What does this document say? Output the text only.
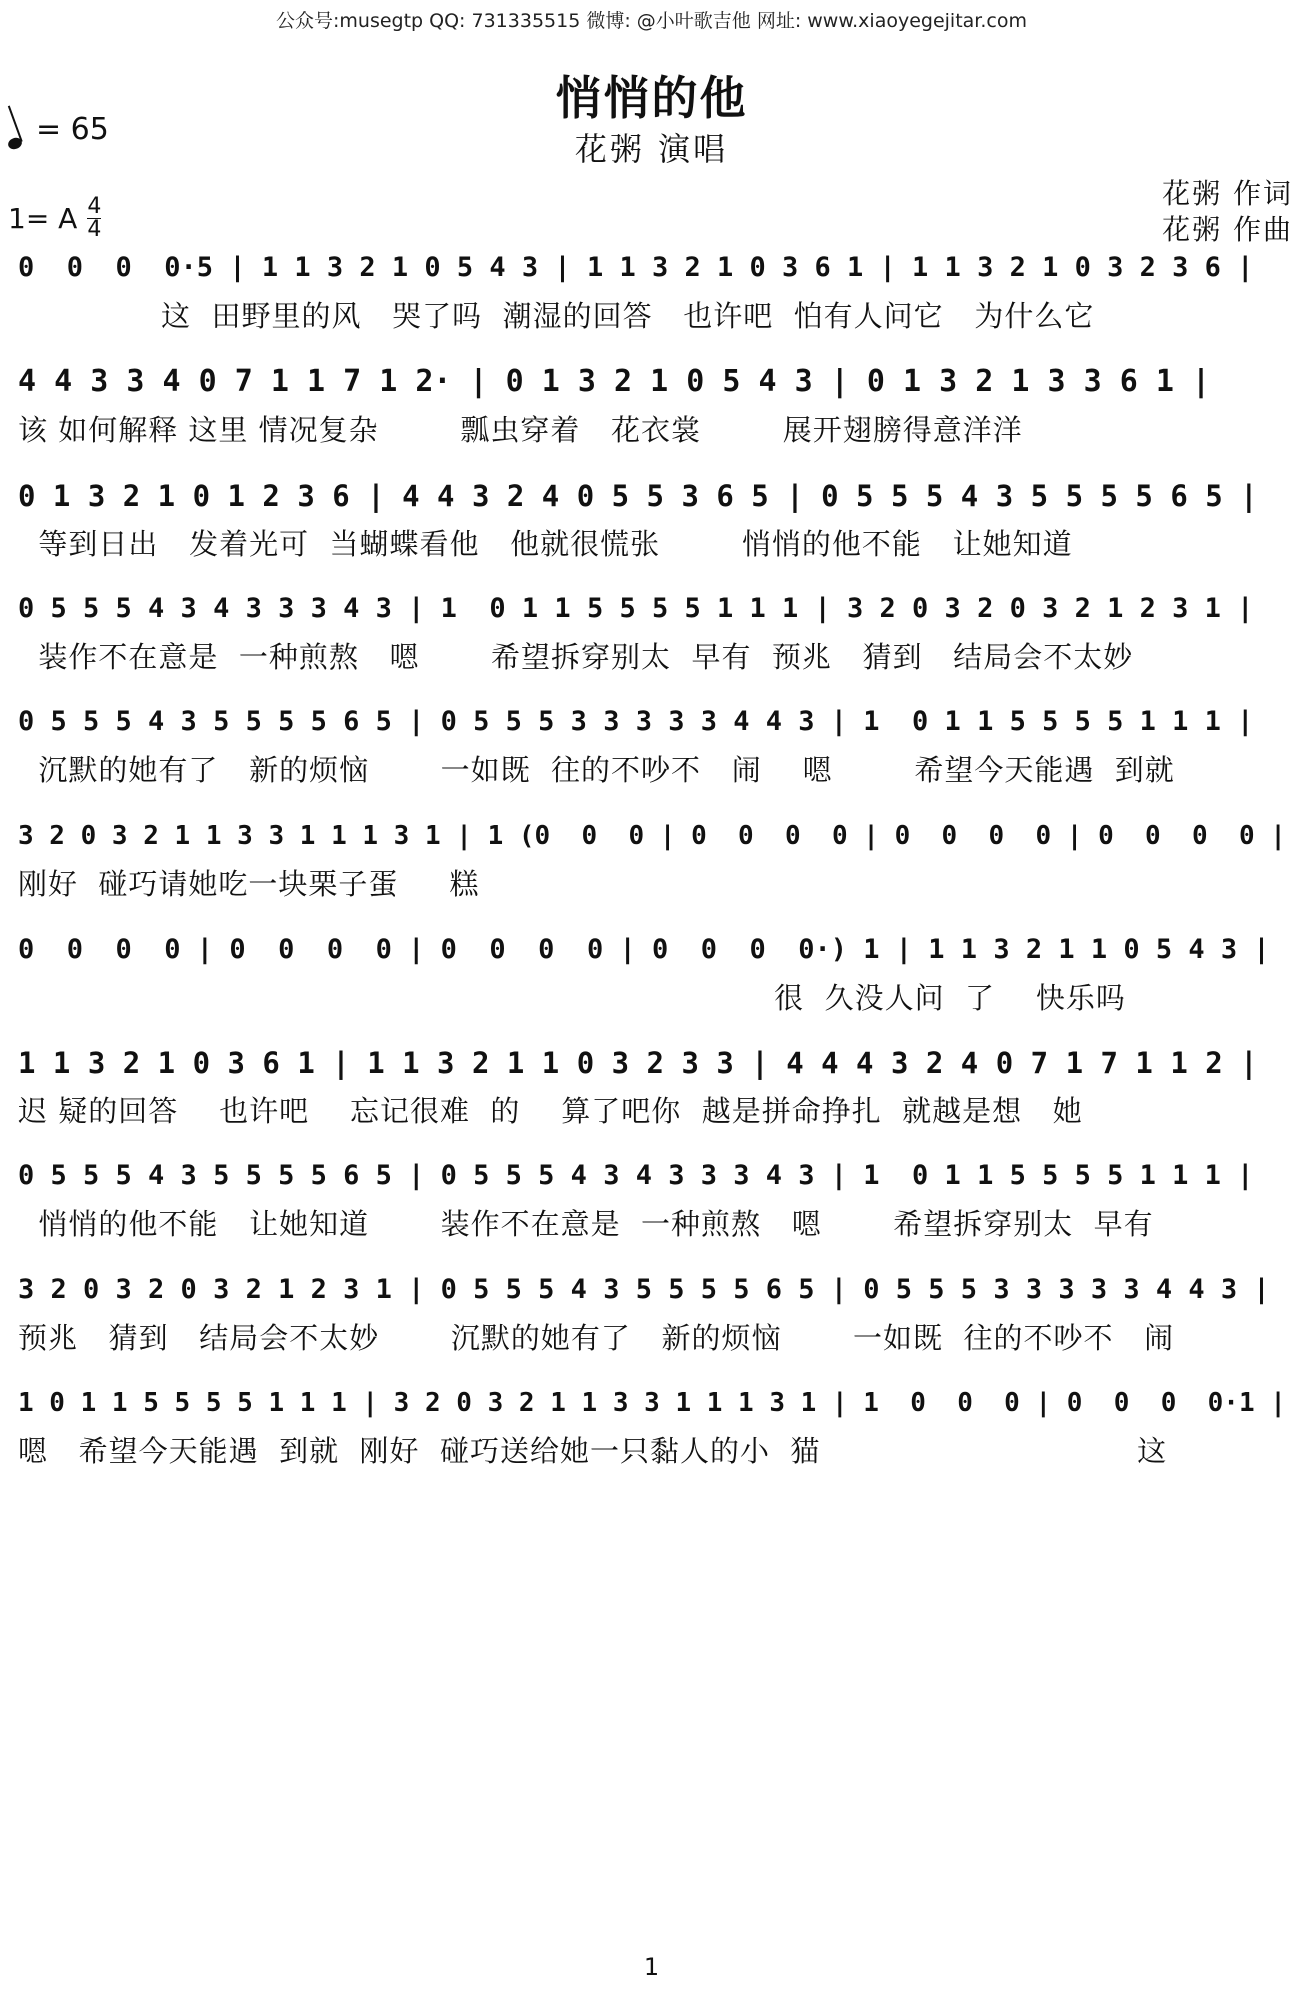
公众号:musegtp QQ: 731335515 微博: @小叶歌吉他 网址: www.xiaoyegejitar.com
= 65
悄悄的他
花粥 演唱
1= A 4
4
花粥 作词
花粥 作曲
0  0  0  0·5 | 1 1 3 2 1 0 5 4 3 | 1 1 3 2 1 0 3 6 1 | 1 1 3 2 1 0 3 2 3 6 |
这  田野里的风   哭了吗  潮湿的回答   也许吧  怕有人问它   为什么它
4 4 3 3 4 0 7 1 1 7 1 2· | 0 1 3 2 1 0 5 4 3 | 0 1 3 2 1 3 3 6 1 |
该 如何解释 这里 情况复杂        瓢虫穿着   花衣裳        展开翅膀得意洋洋
0 1 3 2 1 0 1 2 3 6 | 4 4 3 2 4 0 5 5 3 6 5 | 0 5 5 5 4 3 5 5 5 5 6 5 |
等到日出   发着光可  当蝴蝶看他   他就很慌张        悄悄的他不能   让她知道
0 5 5 5 4 3 4 3 3 3 4 3 | 1  0 1 1 5 5 5 5 1 1 1 | 3 2 0 3 2 0 3 2 1 2 3 1 |
装作不在意是  一种煎熬   嗯       希望拆穿别太  早有  预兆   猜到   结局会不太妙
0 5 5 5 4 3 5 5 5 5 6 5 | 0 5 5 5 3 3 3 3 3 4 4 3 | 1  0 1 1 5 5 5 5 1 1 1 |
沉默的她有了   新的烦恼       一如既  往的不吵不   闹    嗯        希望今天能遇  到就
3 2 0 3 2 1 1 3 3 1 1 1 3 1 | 1 (0  0  0 | 0  0  0  0 | 0  0  0  0 | 0  0  0  0 |
刚好  碰巧请她吃一块栗子蛋     糕
0  0  0  0 | 0  0  0  0 | 0  0  0  0 | 0  0  0  0·) 1 | 1 1 3 2 1 1 0 5 4 3 |
很  久没人问  了    快乐吗
1 1 3 2 1 0 3 6 1 | 1 1 3 2 1 1 0 3 2 3 3 | 4 4 4 3 2 4 0 7 1 7 1 1 2 |
迟 疑的回答    也许吧    忘记很难  的    算了吧你  越是拼命挣扎  就越是想   她
0 5 5 5 4 3 5 5 5 5 6 5 | 0 5 5 5 4 3 4 3 3 3 4 3 | 1  0 1 1 5 5 5 5 1 1 1 |
悄悄的他不能   让她知道       装作不在意是  一种煎熬   嗯       希望拆穿别太  早有
3 2 0 3 2 0 3 2 1 2 3 1 | 0 5 5 5 4 3 5 5 5 5 6 5 | 0 5 5 5 3 3 3 3 3 4 4 3 |
预兆   猜到   结局会不太妙       沉默的她有了   新的烦恼       一如既  往的不吵不   闹
1 0 1 1 5 5 5 5 1 1 1 | 3 2 0 3 2 1 1 3 3 1 1 1 3 1 | 1  0  0  0 | 0  0  0  0·1 |
嗯   希望今天能遇  到就  刚好  碰巧送给她一只黏人的小  猫                               这
1
